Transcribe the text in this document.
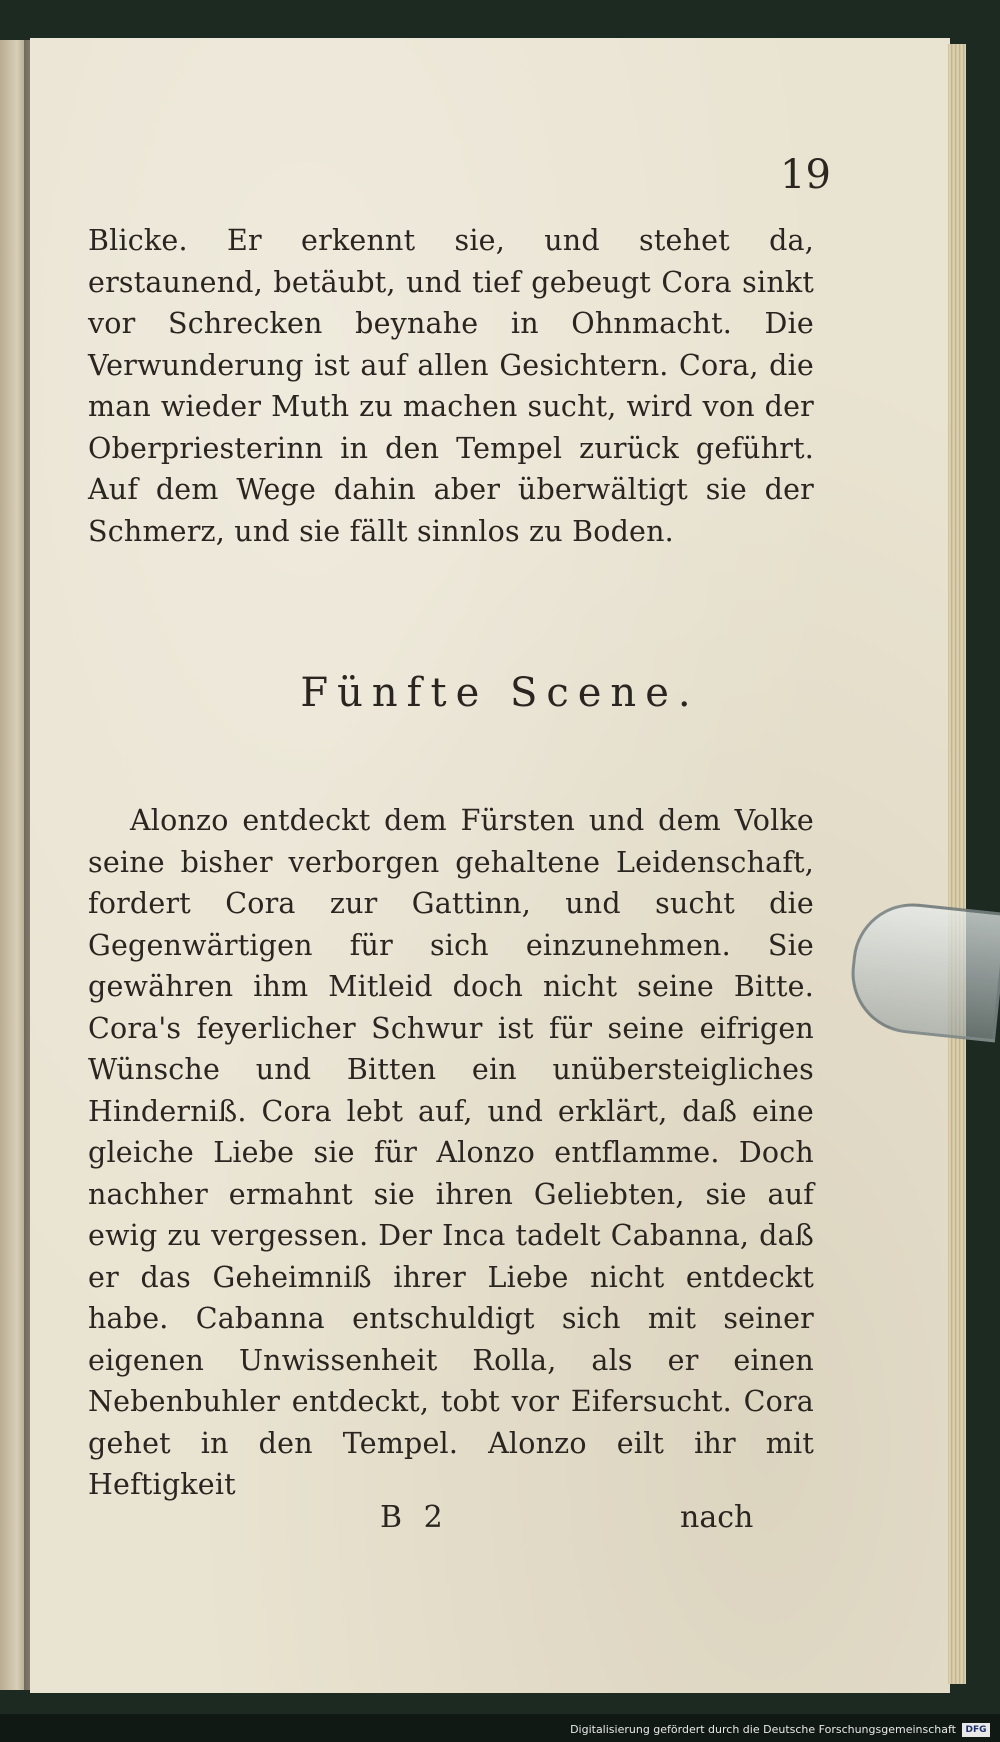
19
Blicke. Er erkennt sie, und stehet da, erstaunend, betäubt, und tief gebeugt Cora sinkt vor Schrecken beynahe in Ohnmacht. Die Verwunderung ist auf allen Gesichtern. Cora, die man wieder Muth zu machen sucht, wird von der Oberpriesterinn in den Tempel zurück geführt. Auf dem Wege dahin aber überwältigt sie der Schmerz, und sie fällt sinnlos zu Boden.
Fünfte Scene.
Alonzo entdeckt dem Fürsten und dem Volke seine bisher verborgen gehaltene Leidenschaft, fordert Cora zur Gattinn, und sucht die Gegenwärtigen für sich einzunehmen. Sie gewähren ihm Mitleid doch nicht seine Bitte. Cora's feyerlicher Schwur ist für seine eifrigen Wünsche und Bitten ein unübersteigliches Hinderniß. Cora lebt auf, und erklärt, daß eine gleiche Liebe sie für Alonzo entflamme. Doch nachher ermahnt sie ihren Geliebten, sie auf ewig zu vergessen. Der Inca tadelt Cabanna, daß er das Geheimniß ihrer Liebe nicht entdeckt habe. Cabanna entschuldigt sich mit seiner eigenen Unwissenheit Rolla, als er einen Nebenbuhler entdeckt, tobt vor Eifersucht. Cora gehet in den Tempel. Alonzo eilt ihr mit Heftigkeit
B 2	nach
Digitalisierung gefördert durch die Deutsche Forschungsgemeinschaft	DFG
